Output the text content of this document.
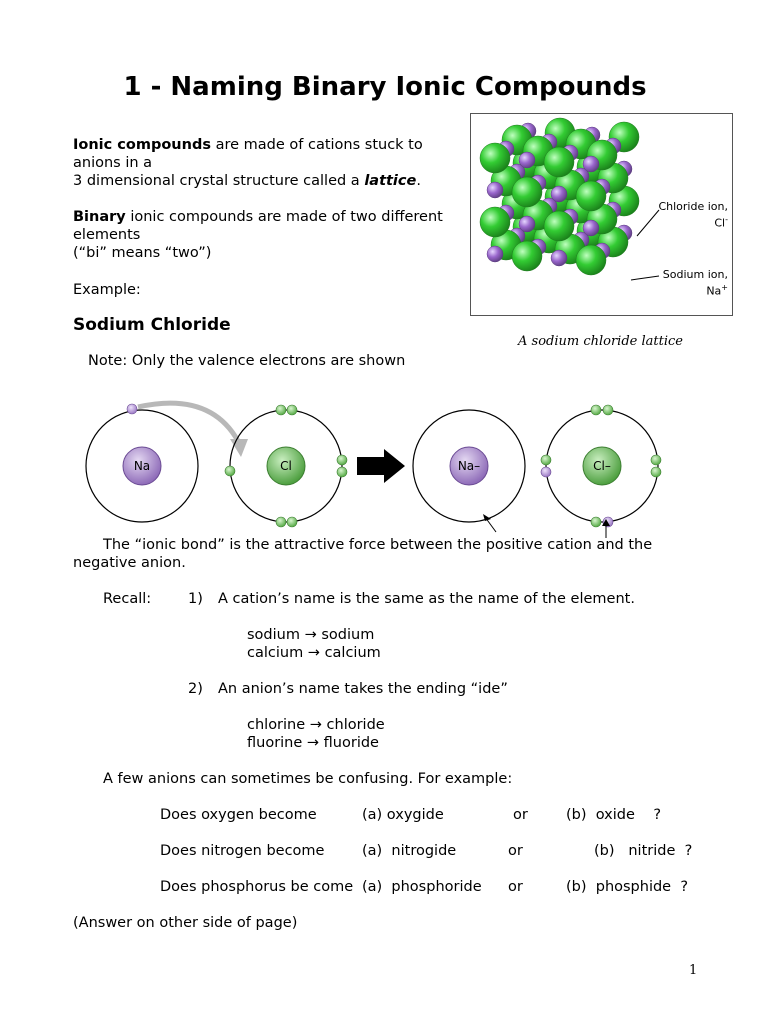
1 - Naming Binary Ionic Compounds
Ionic compounds are made of cations stuck to
anions in a
3 dimensional crystal structure called a lattice.
Binary ionic compounds are made of two different
elements
(“bi” means “two”)
Example:
Chloride ion,
Cl-
Sodium ion,
Na+
A sodium chloride lattice
Sodium Chloride
Note: Only the valence electrons are shown
Na	Cl	Na–	Cl–
The “ionic bond” is the attractive force between the positive cation and the
negative anion.
Recall:	1) A cation’s name is the same as the name of the element.
sodium → sodium
calcium → calcium
2) An anion’s name takes the ending “ide”
chlorine → chloride
fluorine → fluoride
A few anions can sometimes be confusing. For example:
Does oxygen become	(a) oxygide	or	(b)  oxide    ?
Does nitrogen become	(a)  nitrogide	or	(b)   nitride  ?
Does phosphorus be come (a)  phosphoride or	(b)  phosphide  ?
(Answer on other side of page)
1
